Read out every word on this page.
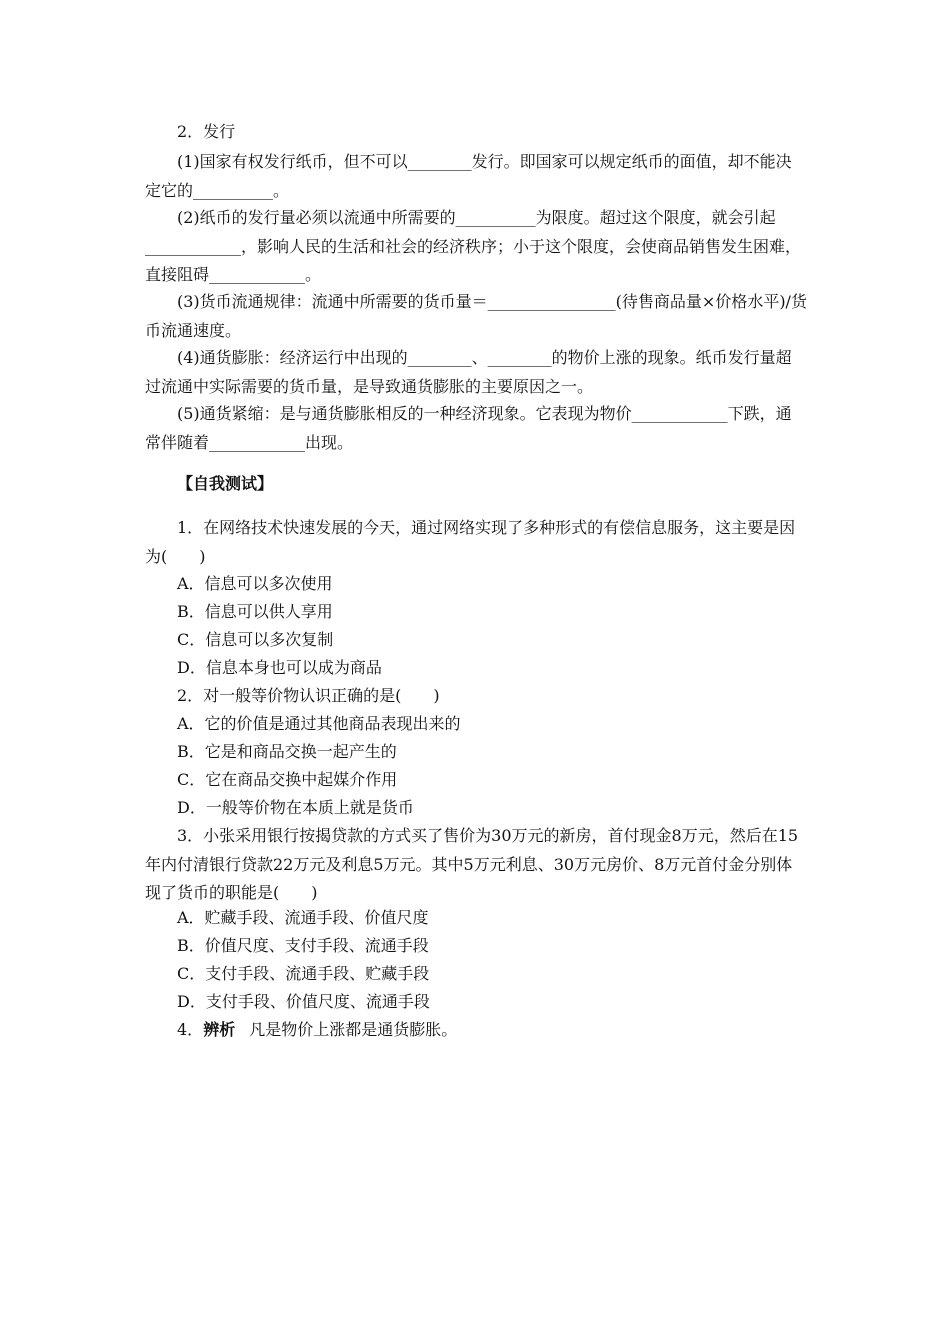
2．发行
(1)国家有权发行纸币，但不可以________发行。即国家可以规定纸币的面值，却不能决定它的__________。
(2)纸币的发行量必须以流通中所需要的__________为限度。超过这个限度，就会引起____________，影响人民的生活和社会的经济秩序；小于这个限度，会使商品销售发生困难，直接阻碍____________。
(3)货币流通规律：流通中所需要的货币量＝________________(待售商品量×价格水平)/货币流通速度。
(4)通货膨胀：经济运行中出现的________、________的物价上涨的现象。纸币发行量超过流通中实际需要的货币量，是导致通货膨胀的主要原因之一。
(5)通货紧缩：是与通货膨胀相反的一种经济现象。它表现为物价____________下跌，通常伴随着____________出现。
【自我测试】
1．在网络技术快速发展的今天，通过网络实现了多种形式的有偿信息服务，这主要是因为(　　)
A．信息可以多次使用
B．信息可以供人享用
C．信息可以多次复制
D．信息本身也可以成为商品
2．对一般等价物认识正确的是(　　)
A．它的价值是通过其他商品表现出来的
B．它是和商品交换一起产生的
C．它在商品交换中起媒介作用
D．一般等价物在本质上就是货币
3．小张采用银行按揭贷款的方式买了售价为30万元的新房，首付现金8万元，然后在15年内付清银行贷款22万元及利息5万元。其中5万元利息、30万元房价、8万元首付金分别体现了货币的职能是(　　)
A．贮藏手段、流通手段、价值尺度
B．价值尺度、支付手段、流通手段
C．支付手段、流通手段、贮藏手段
D．支付手段、价值尺度、流通手段
4．辨析 凡是物价上涨都是通货膨胀。
